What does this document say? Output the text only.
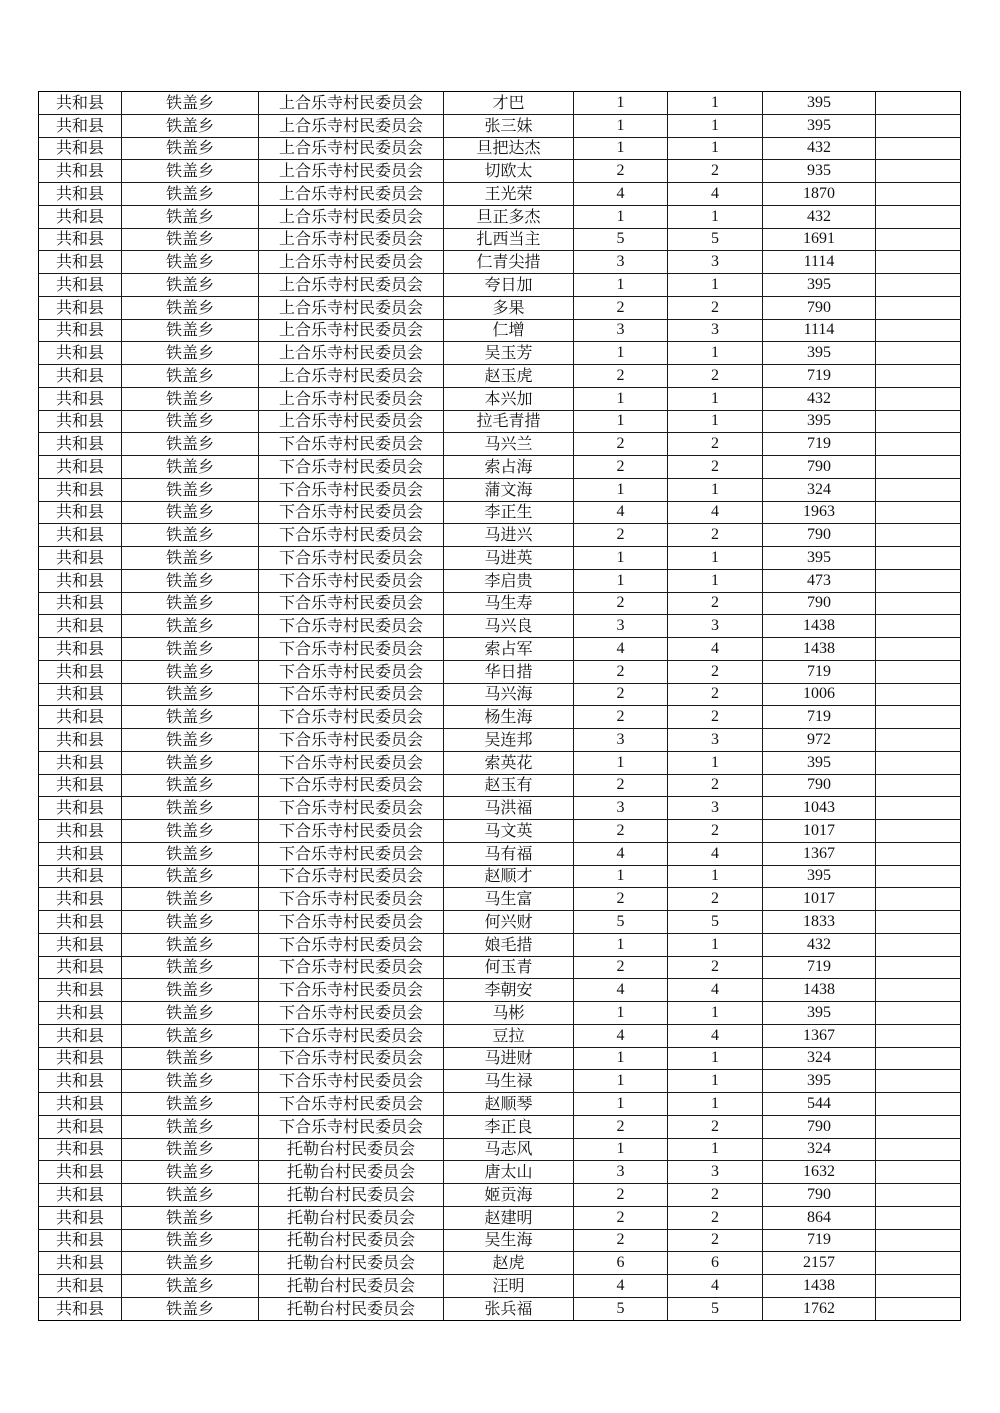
共和县	铁盖乡	上合乐寺村民委员会	才巴	1	1	395	
共和县	铁盖乡	上合乐寺村民委员会	张三妹	1	1	395	
共和县	铁盖乡	上合乐寺村民委员会	旦把达杰	1	1	432	
共和县	铁盖乡	上合乐寺村民委员会	切欧太	2	2	935	
共和县	铁盖乡	上合乐寺村民委员会	王光荣	4	4	1870	
共和县	铁盖乡	上合乐寺村民委员会	旦正多杰	1	1	432	
共和县	铁盖乡	上合乐寺村民委员会	扎西当主	5	5	1691	
共和县	铁盖乡	上合乐寺村民委员会	仁青尖措	3	3	1114	
共和县	铁盖乡	上合乐寺村民委员会	夸日加	1	1	395	
共和县	铁盖乡	上合乐寺村民委员会	多果	2	2	790	
共和县	铁盖乡	上合乐寺村民委员会	仁增	3	3	1114	
共和县	铁盖乡	上合乐寺村民委员会	吴玉芳	1	1	395	
共和县	铁盖乡	上合乐寺村民委员会	赵玉虎	2	2	719	
共和县	铁盖乡	上合乐寺村民委员会	本兴加	1	1	432	
共和县	铁盖乡	上合乐寺村民委员会	拉毛青措	1	1	395	
共和县	铁盖乡	下合乐寺村民委员会	马兴兰	2	2	719	
共和县	铁盖乡	下合乐寺村民委员会	索占海	2	2	790	
共和县	铁盖乡	下合乐寺村民委员会	蒲文海	1	1	324	
共和县	铁盖乡	下合乐寺村民委员会	李正生	4	4	1963	
共和县	铁盖乡	下合乐寺村民委员会	马进兴	2	2	790	
共和县	铁盖乡	下合乐寺村民委员会	马进英	1	1	395	
共和县	铁盖乡	下合乐寺村民委员会	李启贵	1	1	473	
共和县	铁盖乡	下合乐寺村民委员会	马生寿	2	2	790	
共和县	铁盖乡	下合乐寺村民委员会	马兴良	3	3	1438	
共和县	铁盖乡	下合乐寺村民委员会	索占军	4	4	1438	
共和县	铁盖乡	下合乐寺村民委员会	华日措	2	2	719	
共和县	铁盖乡	下合乐寺村民委员会	马兴海	2	2	1006	
共和县	铁盖乡	下合乐寺村民委员会	杨生海	2	2	719	
共和县	铁盖乡	下合乐寺村民委员会	吴连邦	3	3	972	
共和县	铁盖乡	下合乐寺村民委员会	索英花	1	1	395	
共和县	铁盖乡	下合乐寺村民委员会	赵玉有	2	2	790	
共和县	铁盖乡	下合乐寺村民委员会	马洪福	3	3	1043	
共和县	铁盖乡	下合乐寺村民委员会	马文英	2	2	1017	
共和县	铁盖乡	下合乐寺村民委员会	马有福	4	4	1367	
共和县	铁盖乡	下合乐寺村民委员会	赵顺才	1	1	395	
共和县	铁盖乡	下合乐寺村民委员会	马生富	2	2	1017	
共和县	铁盖乡	下合乐寺村民委员会	何兴财	5	5	1833	
共和县	铁盖乡	下合乐寺村民委员会	娘毛措	1	1	432	
共和县	铁盖乡	下合乐寺村民委员会	何玉青	2	2	719	
共和县	铁盖乡	下合乐寺村民委员会	李朝安	4	4	1438	
共和县	铁盖乡	下合乐寺村民委员会	马彬	1	1	395	
共和县	铁盖乡	下合乐寺村民委员会	豆拉	4	4	1367	
共和县	铁盖乡	下合乐寺村民委员会	马进财	1	1	324	
共和县	铁盖乡	下合乐寺村民委员会	马生禄	1	1	395	
共和县	铁盖乡	下合乐寺村民委员会	赵顺琴	1	1	544	
共和县	铁盖乡	下合乐寺村民委员会	李正良	2	2	790	
共和县	铁盖乡	托勒台村民委员会	马志风	1	1	324	
共和县	铁盖乡	托勒台村民委员会	唐太山	3	3	1632	
共和县	铁盖乡	托勒台村民委员会	姬贡海	2	2	790	
共和县	铁盖乡	托勒台村民委员会	赵建明	2	2	864	
共和县	铁盖乡	托勒台村民委员会	吴生海	2	2	719	
共和县	铁盖乡	托勒台村民委员会	赵虎	6	6	2157	
共和县	铁盖乡	托勒台村民委员会	汪明	4	4	1438	
共和县	铁盖乡	托勒台村民委员会	张兵福	5	5	1762	
